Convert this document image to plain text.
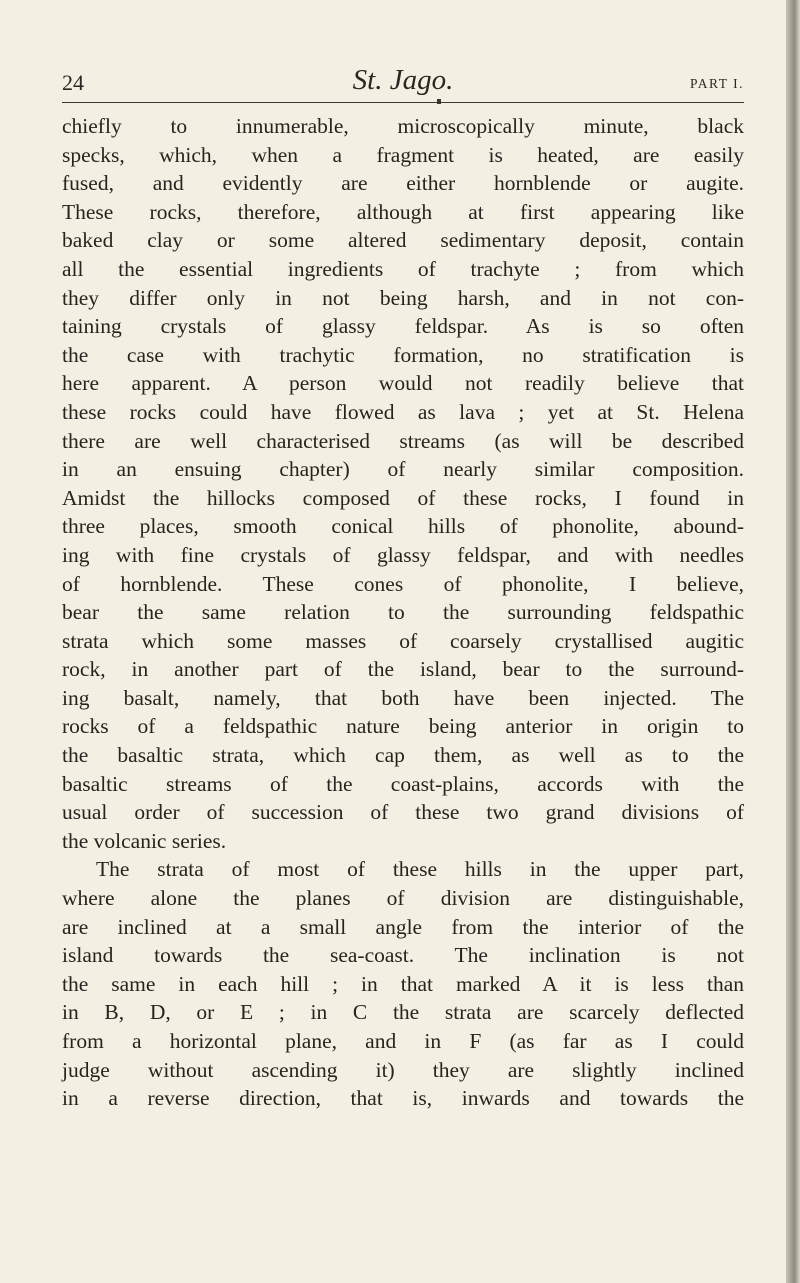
24	St. Jago.	PART I.
chiefly to innumerable, microscopically minute, black
specks, which, when a fragment is heated, are easily
fused, and evidently are either hornblende or augite.
These rocks, therefore, although at first appearing like
baked clay or some altered sedimentary deposit, contain
all the essential ingredients of trachyte ; from which
they differ only in not being harsh, and in not con-
taining crystals of glassy feldspar. As is so often
the case with trachytic formation, no stratification is
here apparent. A person would not readily believe that
these rocks could have flowed as lava ; yet at St. Helena
there are well characterised streams (as will be described
in an ensuing chapter) of nearly similar composition.
Amidst the hillocks composed of these rocks, I found in
three places, smooth conical hills of phonolite, abound-
ing with fine crystals of glassy feldspar, and with needles
of hornblende. These cones of phonolite, I believe,
bear the same relation to the surrounding feldspathic
strata which some masses of coarsely crystallised augitic
rock, in another part of the island, bear to the surround-
ing basalt, namely, that both have been injected. The
rocks of a feldspathic nature being anterior in origin to
the basaltic strata, which cap them, as well as to the
basaltic streams of the coast-plains, accords with the
usual order of succession of these two grand divisions of
the volcanic series.
The strata of most of these hills in the upper part,
where alone the planes of division are distinguishable,
are inclined at a small angle from the interior of the
island towards the sea-coast. The inclination is not
the same in each hill ; in that marked A it is less than
in B, D, or E ; in C the strata are scarcely deflected
from a horizontal plane, and in F (as far as I could
judge without ascending it) they are slightly inclined
in a reverse direction, that is, inwards and towards the
